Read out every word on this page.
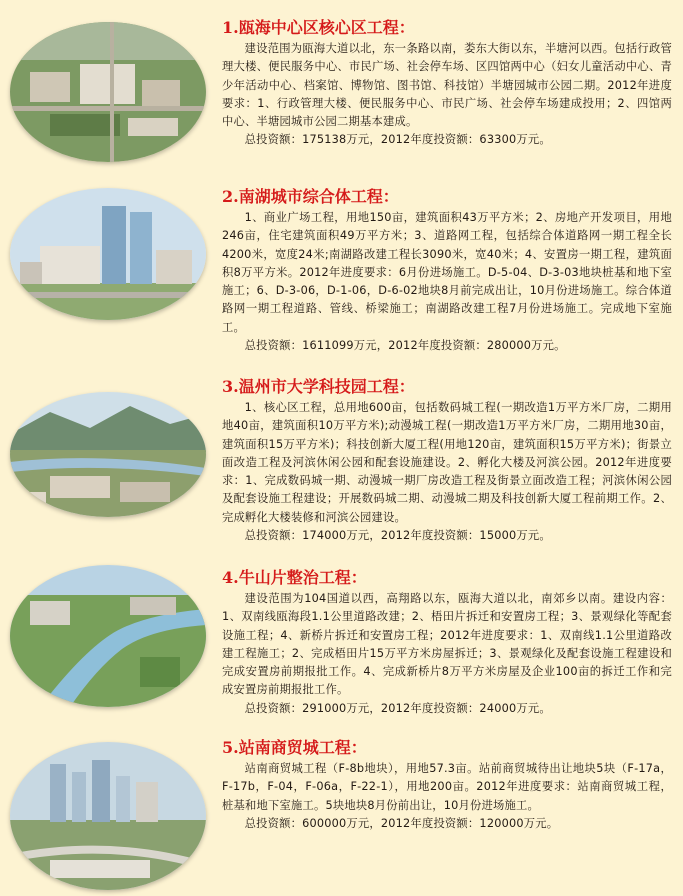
1.瓯海中心区核心区工程：

建设范围为瓯海大道以北，东一条路以南，娄东大街以东，半塘河以西。包括行政管理大楼、便民服务中心、市民广场、社会停车场、区四馆两中心（妇女儿童活动中心、青少年活动中心、档案馆、博物馆、图书馆、科技馆）半塘园城市公园二期。2012年进度要求：1、行政管理大楼、便民服务中心、市民广场、社会停车场建成投用；2、四馆两中心、半塘园城市公园二期基本建成。

总投资额：175138万元，2012年度投资额：63300万元。

2.南湖城市综合体工程：

1、商业广场工程，用地150亩，建筑面积43万平方米；2、房地产开发项目，用地246亩，住宅建筑面积49万平方米；3、道路网工程，包括综合体道路网一期工程全长4200米，宽度24米;南湖路改建工程长3090米，宽40米；4、安置房一期工程，建筑面积8万平方米。2012年进度要求：6月份进场施工。D-5-04、D-3-03地块桩基和地下室施工；6、D-3-06，D-1-06，D-6-02地块8月前完成出让，10月份进场施工。综合体道路网一期工程道路、管线、桥梁施工；南湖路改建工程7月份进场施工。完成地下室施工。

总投资额：1611099万元，2012年度投资额：280000万元。

3.温州市大学科技园工程：

1、核心区工程，总用地600亩，包括数码城工程(一期改造1万平方米厂房，二期用地40亩，建筑面积10万平方米);动漫城工程(一期改造1万平方米厂房，二期用地30亩，建筑面积15万平方米)；科技创新大厦工程(用地120亩，建筑面积15万平方米)；街景立面改造工程及河滨休闲公园和配套设施建设。2、孵化大楼及河滨公园。2012年进度要求：1、完成数码城一期、动漫城一期厂房改造工程及街景立面改造工程；河滨休闲公园及配套设施工程建设；开展数码城二期、动漫城二期及科技创新大厦工程前期工作。2、完成孵化大楼装修和河滨公园建设。

总投资额：174000万元，2012年度投资额：15000万元。

4.牛山片整治工程：

建设范围为104国道以西，高翔路以东，瓯海大道以北，南郊乡以南。建设内容：1、双南线瓯海段1.1公里道路改建；2、梧田片拆迁和安置房工程；3、景观绿化等配套设施工程；4、新桥片拆迁和安置房工程；2012年进度要求：1、双南线1.1公里道路改建工程施工；2、完成梧田片15万平方米房屋拆迁；3、景观绿化及配套设施工程建设和完成安置房前期报批工作。4、完成新桥片8万平方米房屋及企业100亩的拆迁工作和完成安置房前期报批工作。

总投资额：291000万元，2012年度投资额：24000万元。

5.站南商贸城工程：

站南商贸城工程（F-8b地块），用地57.3亩。站前商贸城待出让地块5块（F-17a，F-17b，F-04，F-06a，F-22-1），用地200亩。2012年进度要求：站南商贸城工程，桩基和地下室施工。5块地块8月份前出让，10月份进场施工。

总投资额：600000万元，2012年度投资额：120000万元。
